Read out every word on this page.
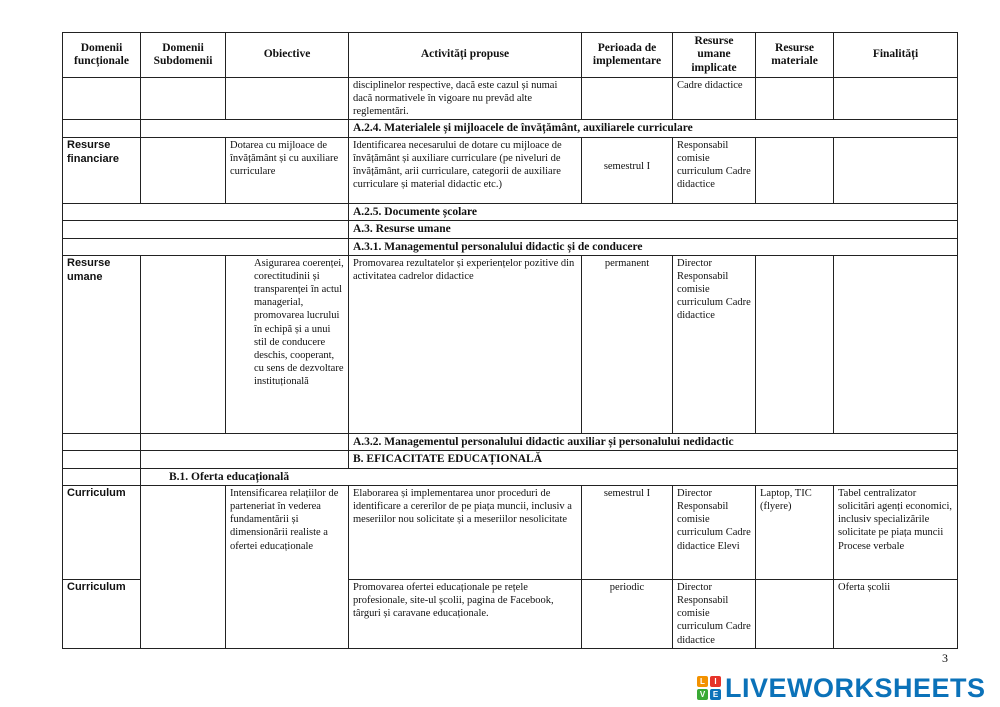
Domenii funcționale	Domenii Subdomenii	Obiective	Activități propuse	Perioada de implementare	Resurse umane implicate	Resurse materiale	Finalități
			disciplinelor respective, dacă este cazul și numai dacă normativele în vigoare nu prevăd alte reglementări.		Cadre didactice		
			A.2.4. Materialele și mijloacele de învățământ, auxiliarele curriculare				
Resurse financiare		Dotarea cu mijloace de învățământ și cu auxiliare curriculare	Identificarea necesarului de dotare cu mijloace de învățământ și auxiliare curriculare (pe niveluri de învățământ, arii curriculare, categorii de auxiliare curriculare și material didactic etc.)	semestrul I	Responsabil comisie curriculum Cadre didactice		
			A.2.5. Documente școlare				
			A.3. Resurse umane				
			A.3.1. Managementul personalului didactic și de conducere				
Resurse umane		Asigurarea coerenței, corectitudinii și transparenței în actul managerial, promovarea lucrului în echipă și a unui stil de conducere deschis, cooperant, cu sens de dezvoltare instituțională	Promovarea rezultatelor și experiențelor pozitive din activitatea cadrelor didactice	permanent	Director Responsabil comisie curriculum Cadre didactice		
			A.3.2. Managementul personalului didactic auxiliar și personalului nedidactic				
			B. EFICACITATE EDUCAȚIONALĂ				
	B.1. Oferta educațională						
Curriculum		Intensificarea relațiilor de parteneriat în vederea fundamentării și dimensionării realiste a ofertei educaționale	Elaborarea și implementarea unor proceduri de identificare a cererilor de pe piața muncii, inclusiv a meseriilor nou solicitate și a meseriilor nesolicitate	semestrul I	Director Responsabil comisie curriculum Cadre didactice Elevi	Laptop, TIC (flyere)	Tabel centralizator solicitări agenți economici, inclusiv specializările solicitate pe piața muncii Procese verbale
Curriculum			Promovarea ofertei educaționale pe rețele profesionale, site-ul școlii, pagina de Facebook, târguri și caravane educaționale.	periodic	Director Responsabil comisie curriculum Cadre didactice		Oferta școlii
3
L	I
V E LIVEWORKSHEETS
